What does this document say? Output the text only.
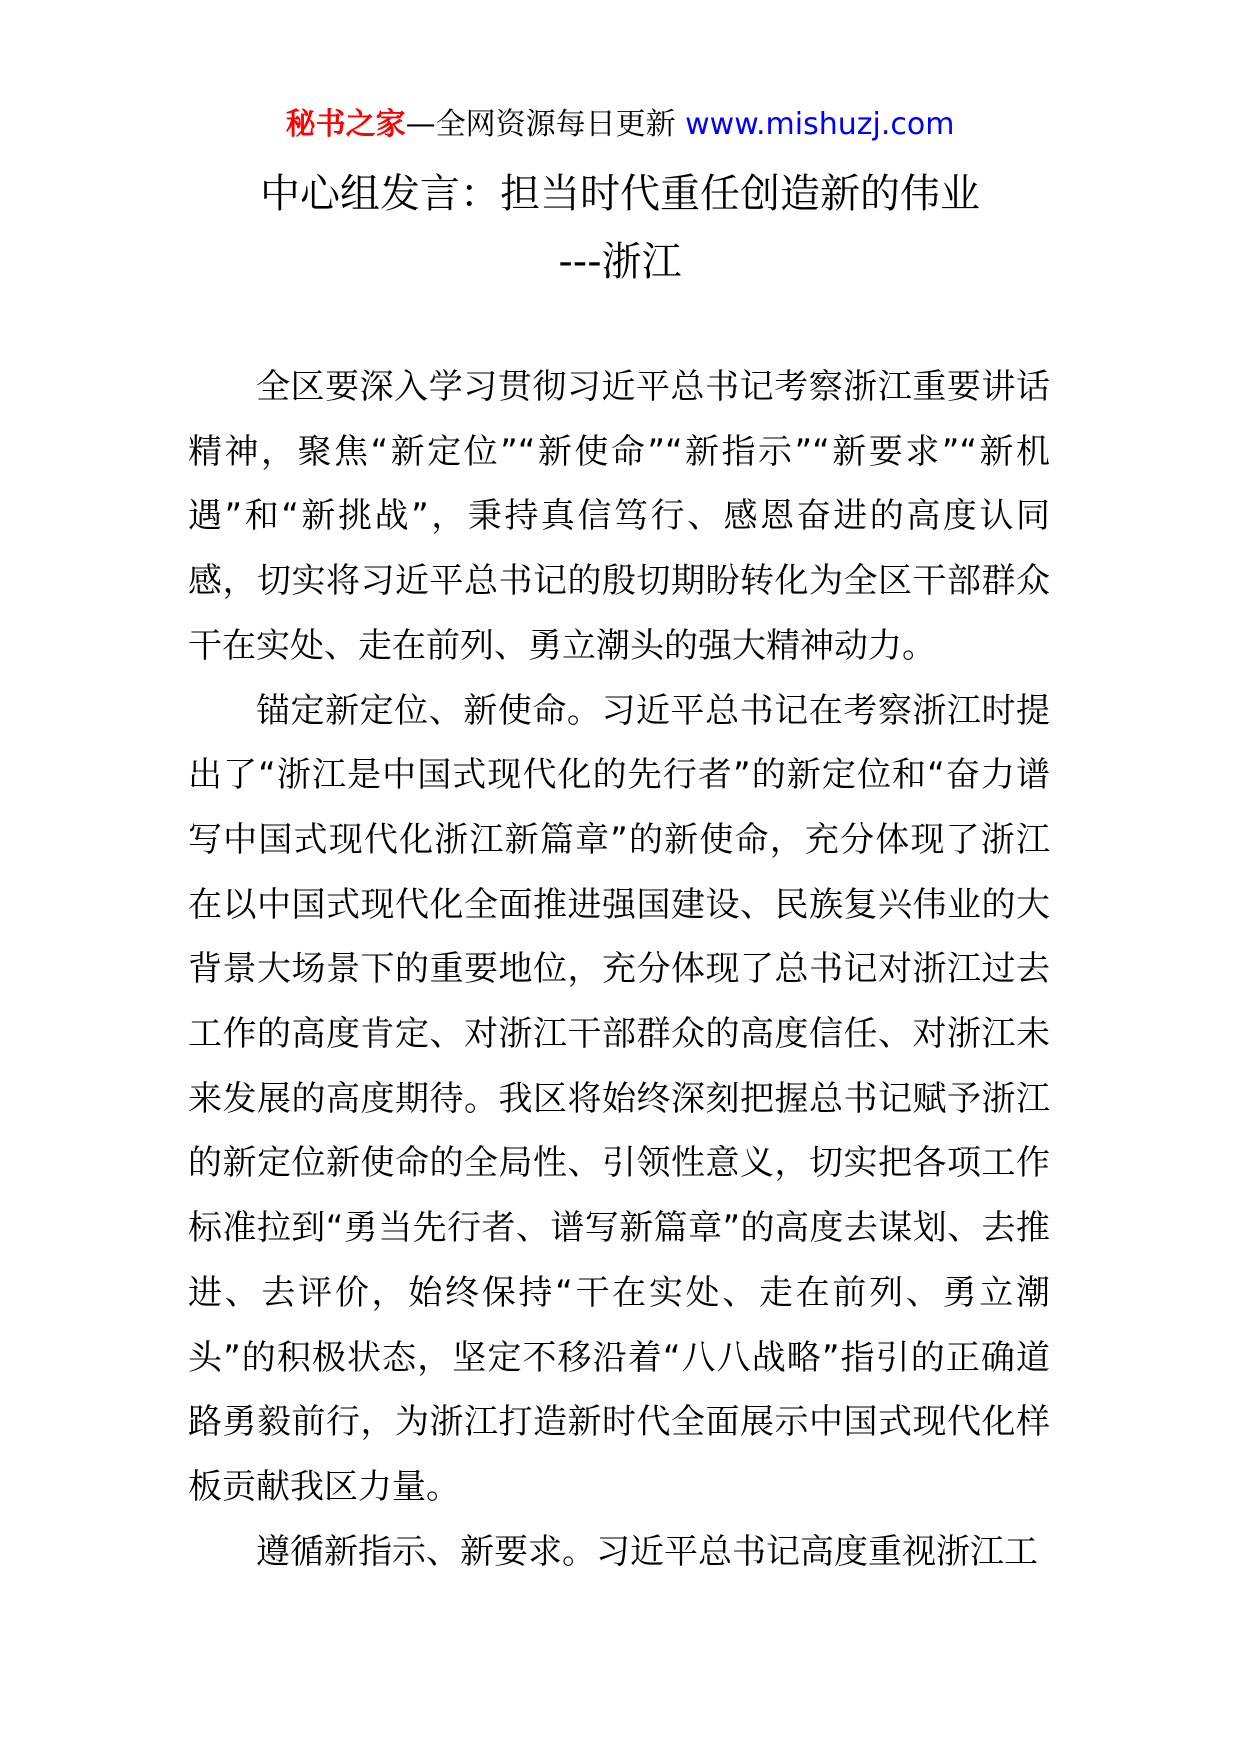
秘书之家—全网资源每日更新 www.mishuzj.com
中心组发言：担当时代重任创造新的伟业
---浙江

全区要深入学习贯彻习近平总书记考察浙江重要讲话精神，聚焦“新定位”“新使命”“新指示”“新要求”“新机遇”和“新挑战”，秉持真信笃行、感恩奋进的高度认同感，切实将习近平总书记的殷切期盼转化为全区干部群众干在实处、走在前列、勇立潮头的强大精神动力。

锚定新定位、新使命。习近平总书记在考察浙江时提出了“浙江是中国式现代化的先行者”的新定位和“奋力谱写中国式现代化浙江新篇章”的新使命，充分体现了浙江在以中国式现代化全面推进强国建设、民族复兴伟业的大背景大场景下的重要地位，充分体现了总书记对浙江过去工作的高度肯定、对浙江干部群众的高度信任、对浙江未来发展的高度期待。我区将始终深刻把握总书记赋予浙江的新定位新使命的全局性、引领性意义，切实把各项工作标准拉到“勇当先行者、谱写新篇章”的高度去谋划、去推进、去评价，始终保持“干在实处、走在前列、勇立潮头”的积极状态，坚定不移沿着“八八战略”指引的正确道路勇毅前行，为浙江打造新时代全面展示中国式现代化样板贡献我区力量。

遵循新指示、新要求。习近平总书记高度重视浙江工
